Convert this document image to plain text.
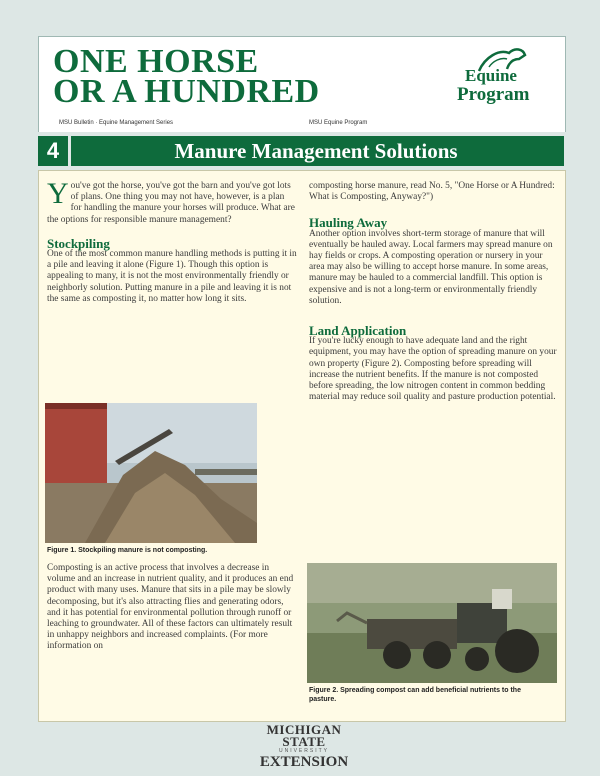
ONE HORSE
OR A HUNDRED	Equine
Program
MSU Bulletin · Equine Management Series	MSU Equine Program
4	Manure Management Solutions

You've got the horse, you've got the barn and you've got lots of plans. One thing you may not have, however, is a plan for handling the manure your horses will produce. What are the options for responsible manure management?

Stockpiling

One of the most common manure handling methods is putting it in a pile and leaving it alone (Figure 1). Though this option is appealing to many, it is not the most environmentally friendly or neighborly solution. Putting manure in a pile and leaving it is not the same as composting it, no matter how long it sits.

Figure 1. Stockpiling manure is not composting.

Composting is an active process that involves a decrease in volume and an increase in nutrient quality, and it produces an end product with many uses. Manure that sits in a pile may be slowly decomposing, but it's also attracting flies and generating odors, and it has potential for environmental pollution through runoff or leaching to groundwater. All of these factors can ultimately result in unhappy neighbors and increased complaints. (For more information on

composting horse manure, read No. 5, "One Horse or A Hundred: What is Composting, Anyway?")

Hauling Away

Another option involves short-term storage of manure that will eventually be hauled away. Local farmers may spread manure on hay fields or crops. A composting operation or nursery in your area may also be willing to accept horse manure. In some areas, manure may be hauled to a commercial landfill. This option is expensive and is not a long-term or environmentally friendly solution.

Land Application

If you're lucky enough to have adequate land and the right equipment, you may have the option of spreading manure on your own property (Figure 2). Composting before spreading will increase the nutrient benefits. If the manure is not composted before spreading, the low nitrogen content in common bedding material may reduce soil quality and pasture production potential.

Figure 2. Spreading compost can add beneficial nutrients to the pasture.
MICHIGAN STATE
UNIVERSITY
EXTENSION
